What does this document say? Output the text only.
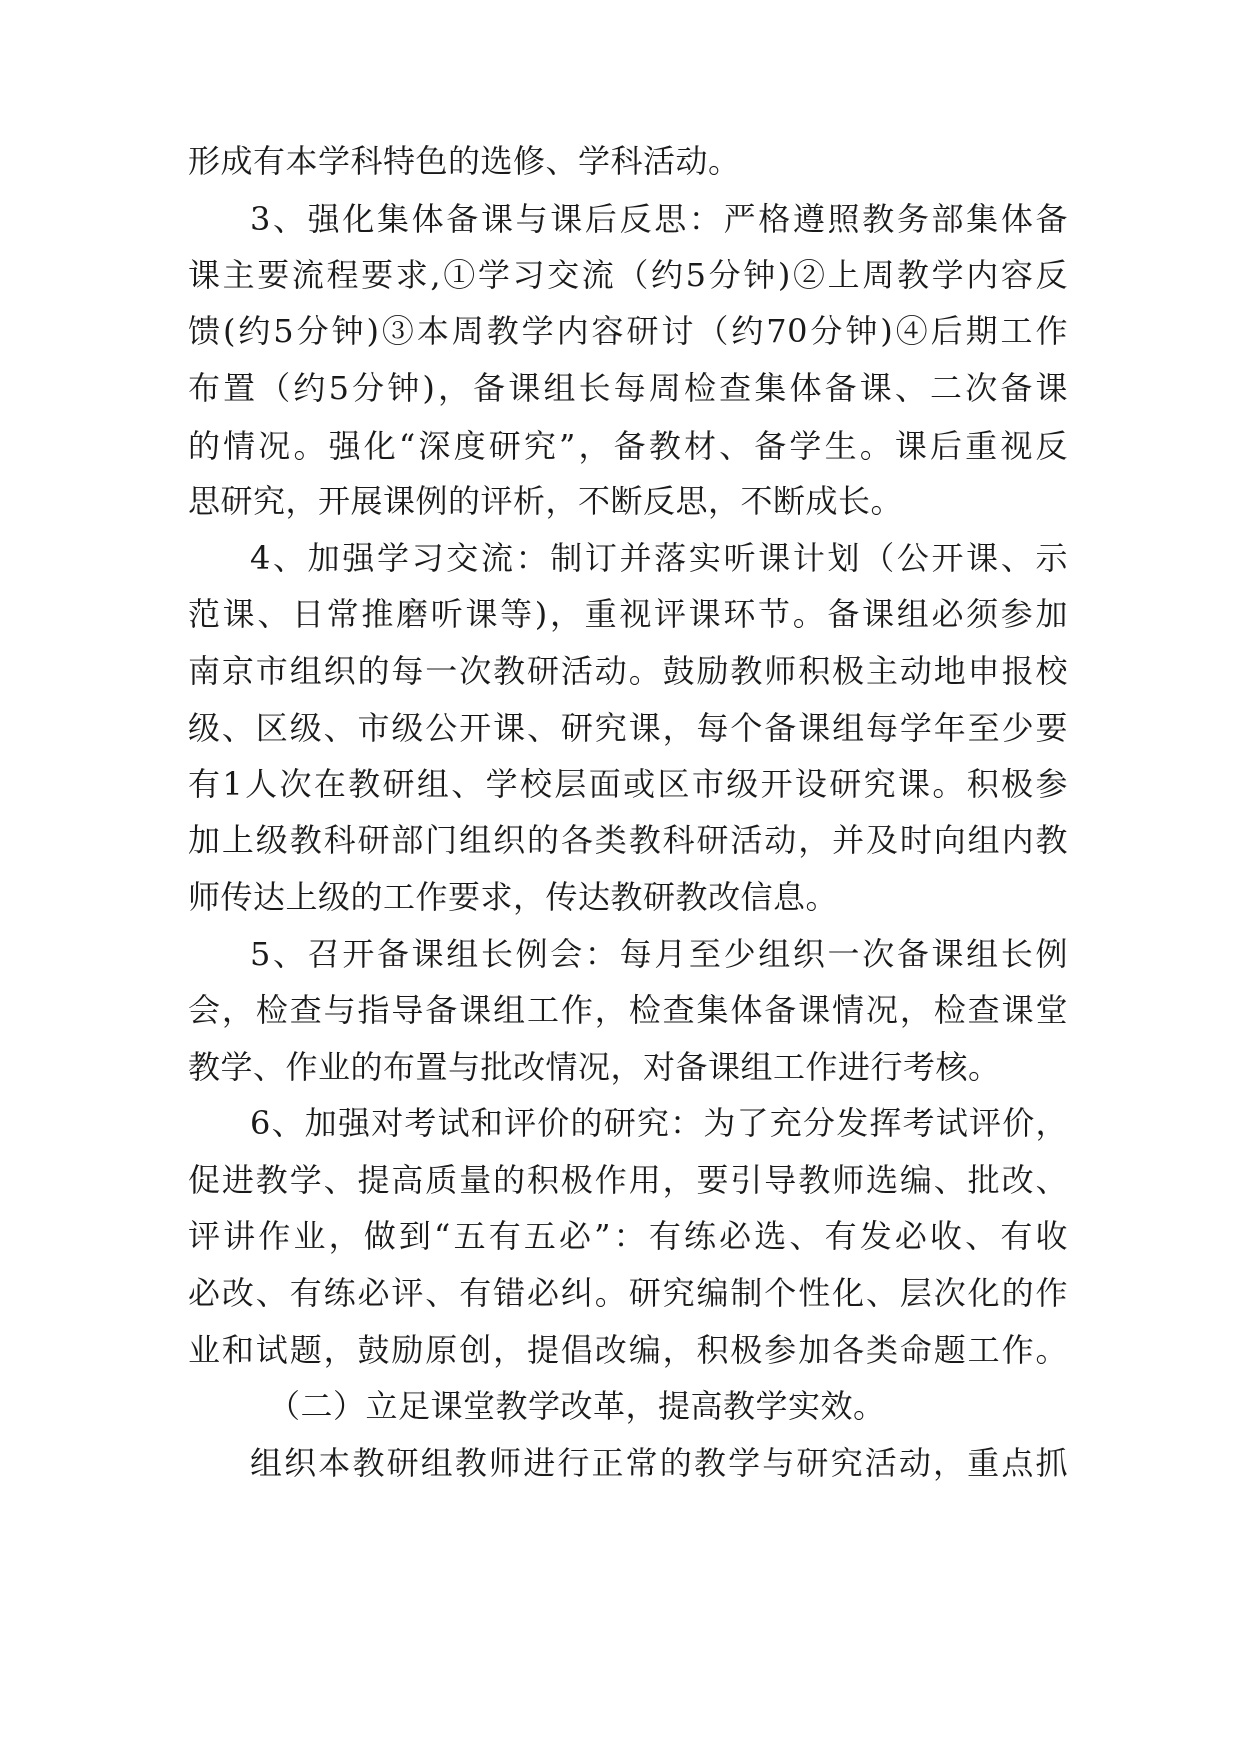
形成有本学科特色的选修、学科活动。
3、强化集体备课与课后反思：严格遵照教务部集体备
课主要流程要求,①学习交流（约5分钟)②上周教学内容反
馈(约5分钟)③本周教学内容研讨（约70分钟)④后期工作
布置（约5分钟)，备课组长每周检查集体备课、二次备课
的情况。强化“深度研究”，备教材、备学生。课后重视反
思研究，开展课例的评析，不断反思，不断成长。
4、加强学习交流：制订并落实听课计划（公开课、示
范课、日常推磨听课等)，重视评课环节。备课组必须参加
南京市组织的每一次教研活动。鼓励教师积极主动地申报校
级、区级、市级公开课、研究课，每个备课组每学年至少要
有1人次在教研组、学校层面或区市级开设研究课。积极参
加上级教科研部门组织的各类教科研活动，并及时向组内教
师传达上级的工作要求，传达教研教改信息。
5、召开备课组长例会：每月至少组织一次备课组长例
会，检查与指导备课组工作，检查集体备课情况，检查课堂
教学、作业的布置与批改情况，对备课组工作进行考核。
6、加强对考试和评价的研究：为了充分发挥考试评价，
促进教学、提高质量的积极作用，要引导教师选编、批改、
评讲作业，做到“五有五必”：有练必选、有发必收、有收
必改、有练必评、有错必纠。研究编制个性化、层次化的作
业和试题，鼓励原创，提倡改编，积极参加各类命题工作。
（二）立足课堂教学改革，提高教学实效。
组织本教研组教师进行正常的教学与研究活动，重点抓
